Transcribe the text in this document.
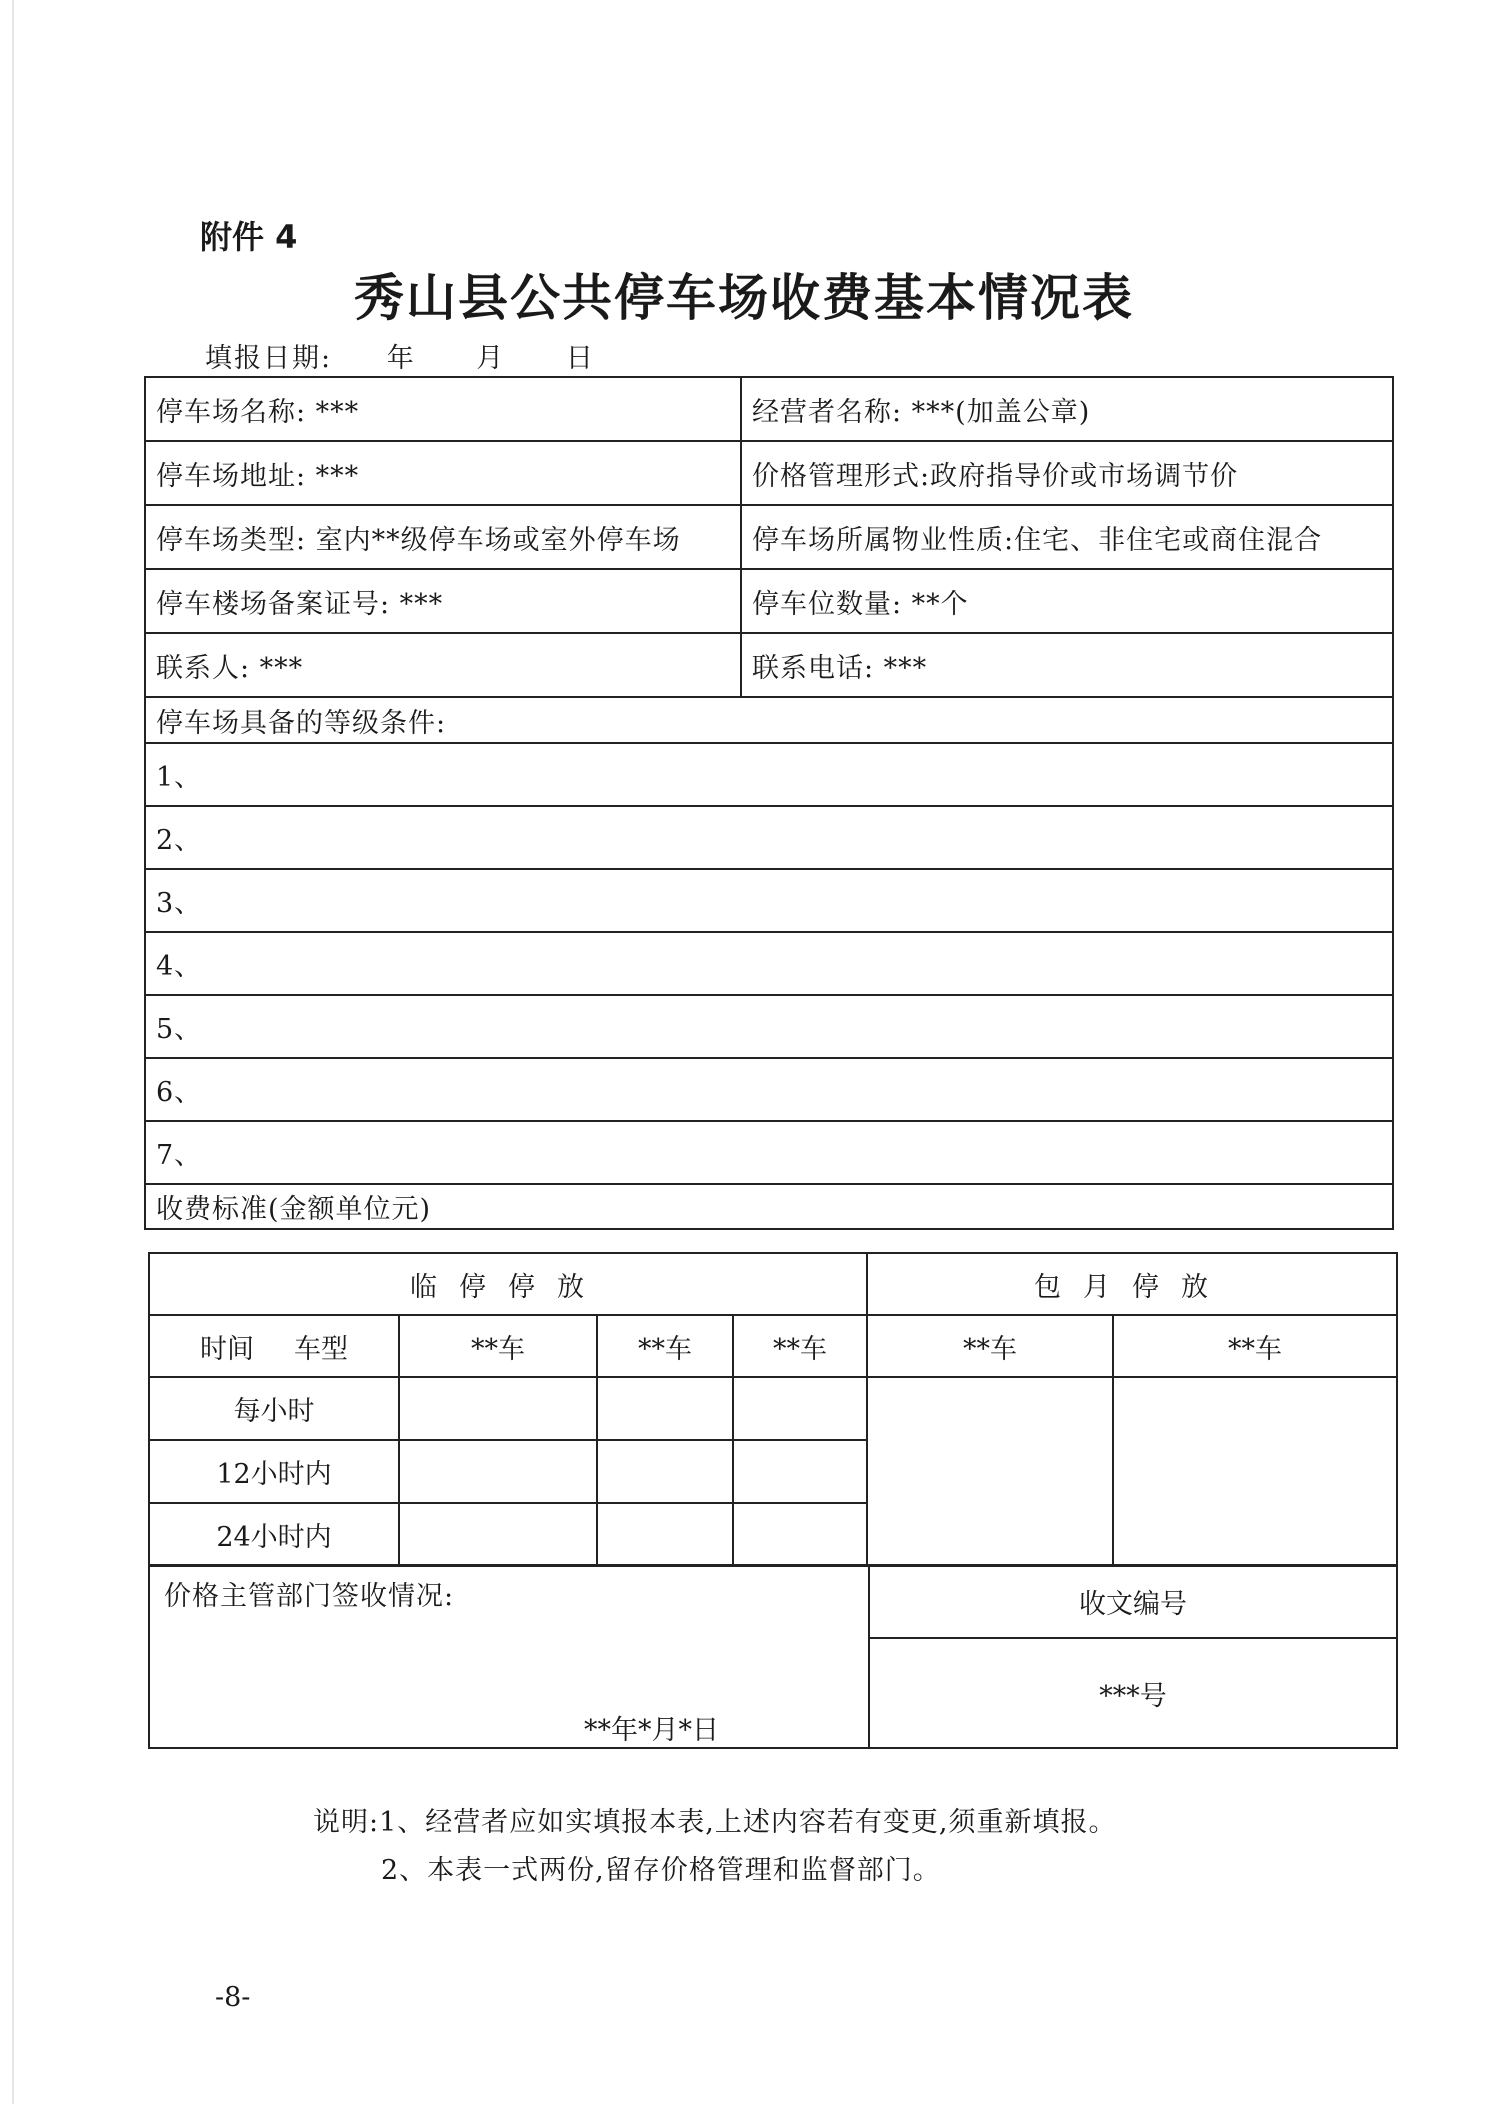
附件 4
秀山县公共停车场收费基本情况表
填报日期: 年 月 日
停车场名称: ***	经营者名称: ***(加盖公章)
停车场地址: ***	价格管理形式:政府指导价或市场调节价
停车场类型: 室内**级停车场或室外停车场	停车场所属物业性质:住宅、非住宅或商住混合
停车楼场备案证号: ***	停车位数量: **个
联系人: ***	联系电话: ***
停车场具备的等级条件:	
1、	
2、	
3、	
4、	
5、	
6、	
7、	
收费标准(金额单位元)	
临停停放				包月停放	
时间 车型	**车	**车	**车	**车	**车
每小时					
12小时内					
24小时内					
价格主管部门签收情况:
**年*月*日
	收文编号
***号
说明:1、经营者应如实填报本表,上述内容若有变更,须重新填报。
2、本表一式两份,留存价格管理和监督部门。
-8-
